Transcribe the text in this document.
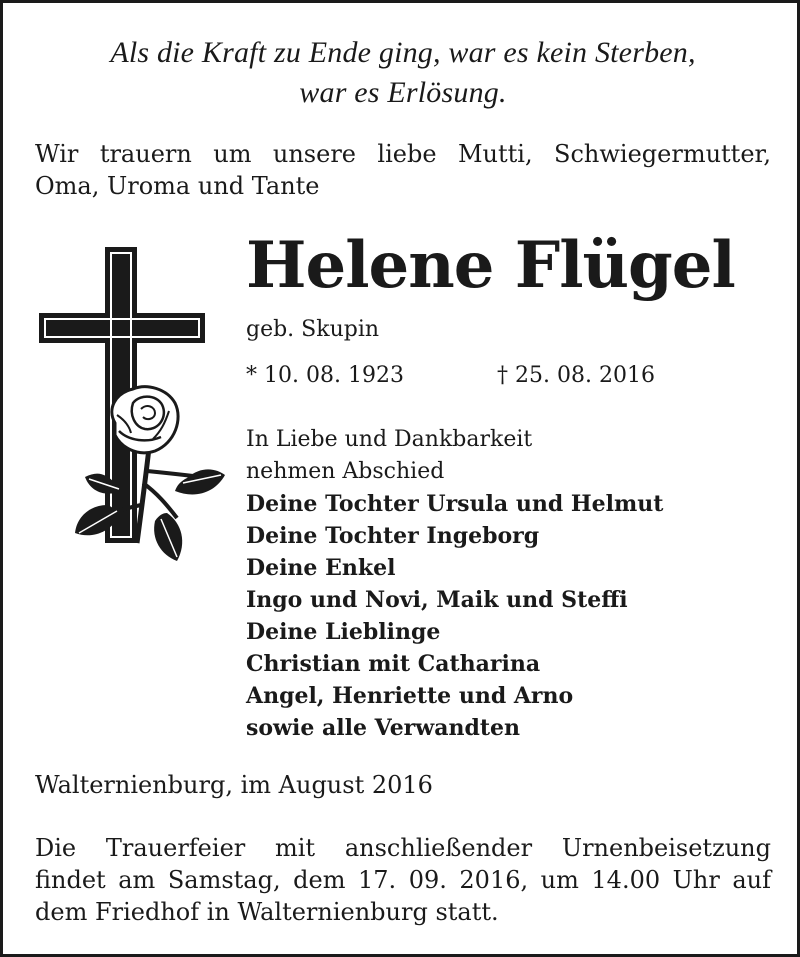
Als die Kraft zu Ende ging, war es kein Sterben,
war es Erlösung.
Wir trauern um unsere liebe Mutti, Schwiegermutter,
Oma, Uroma und Tante
Helene Flügel
geb. Skupin
* 10. 08. 1923	† 25. 08. 2016
In Liebe und Dankbarkeit
nehmen Abschied
Deine Tochter Ursula und Helmut
Deine Tochter Ingeborg
Deine Enkel
Ingo und Novi, Maik und Steffi
Deine Lieblinge
Christian mit Catharina
Angel, Henriette und Arno
sowie alle Verwandten
Walternienburg, im August 2016
Die Trauerfeier mit anschließender Urnenbeisetzung
findet am Samstag, dem 17. 09. 2016, um 14.00 Uhr auf
dem Friedhof in Walternienburg statt.
